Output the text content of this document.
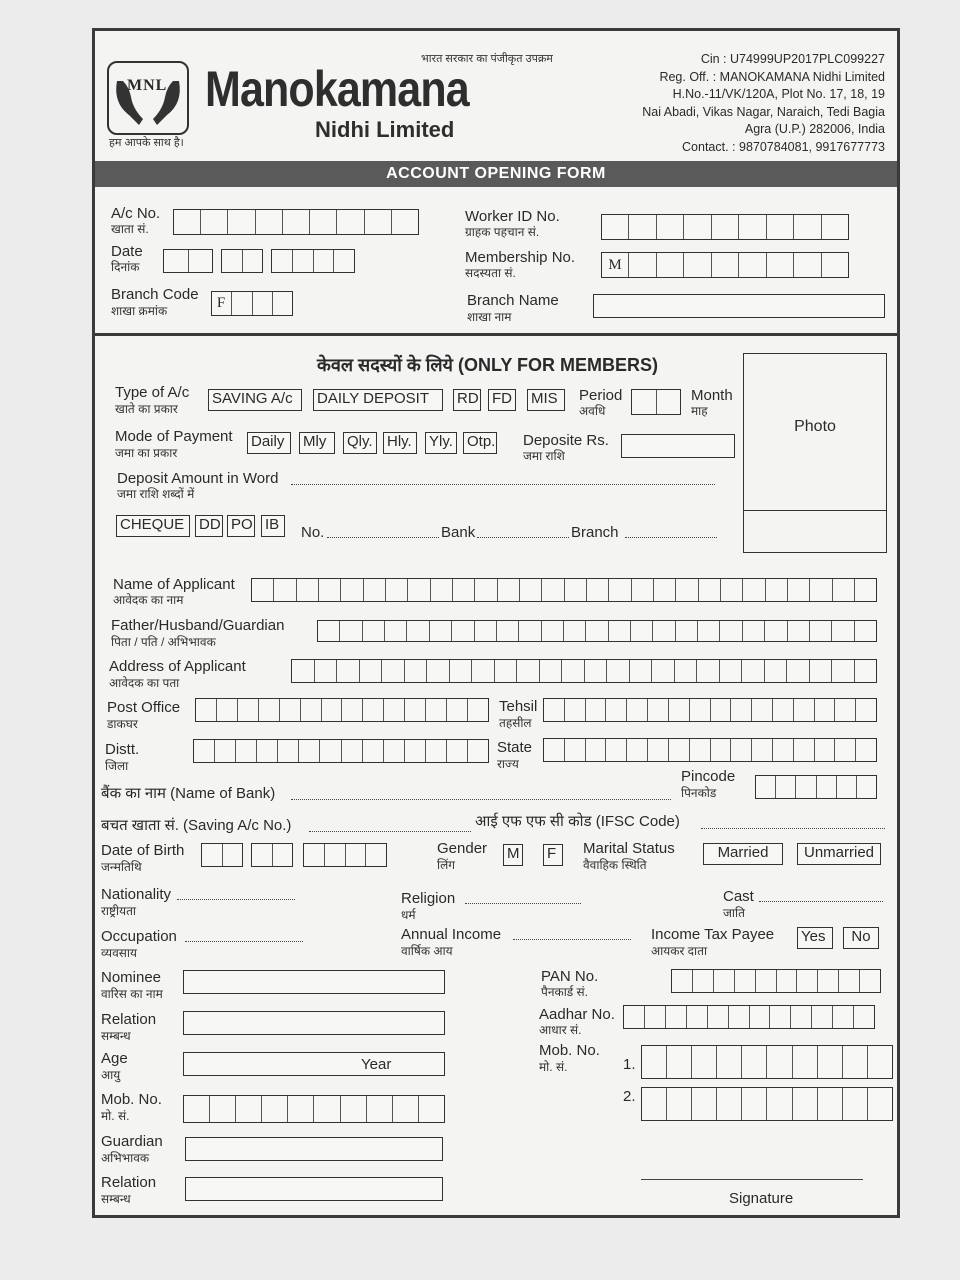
MNL
हम आपके साथ है।
Manokamana
Nidhi Limited
भारत सरकार का पंजीकृत उपक्रम	Cin : U74999UP2017PLC099227
Reg. Off. : MANOKAMANA Nidhi Limited
H.No.-11/VK/120A, Plot No. 17, 18, 19
Nai Abadi, Vikas Nagar, Naraich, Tedi Bagia
Agra (U.P.) 282006, India
Contact. : 9870784081, 9917677773
ACCOUNT OPENING FORM
A/c No.
खाता सं.
Date
दिनांक
Branch Code
शाखा क्रमांक	F
Worker ID No.
ग्राहक पहचान सं.
Membership No.
सदस्यता सं.	M
Branch Name
शाखा नाम
केवल सदस्यों के लिये (ONLY FOR MEMBERS)
Photo
Type of A/c
खाते का प्रकार
SAVING A/c	DAILY DEPOSIT	RD FD MIS	Period
अवधि
Month
माह
Mode of Payment
जमा का प्रकार
Daily	Mly	Qly. Hly.	Yly. Otp. Deposite Rs.
जमा राशि
Deposit Amount in Word
जमा राशि शब्दों में
CHEQUE DD PO IB	No.	Bank	Branch
Name of Applicant
आवेदक का नाम
Father/Husband/Guardian
पिता / पति / अभिभावक
Address of Applicant
आवेदक का पता
Post Office
डाकघर
Tehsil
तहसील
Distt.
जिला
State
राज्य
बैंक का नाम (Name of Bank)
Pincode
पिनकोड
बचत खाता सं. (Saving A/c No.)	आई एफ एफ सी कोड (IFSC Code)
Date of Birth
जन्मतिथि
Gender
लिंग
M F	Marital Status
वैवाहिक स्थिति
Married	Unmarried
Nationality
राष्ट्रीयता
Religion
धर्म
Cast
जाति
Occupation
व्यवसाय
Annual Income
वार्षिक आय
Income Tax Payee
आयकर दाता
Yes	No
Nominee
वारिस का नाम
Relation
सम्बन्ध
Age
आयु
Year
Mob. No.
मो. सं.
Guardian
अभिभावक
Relation
सम्बन्ध
PAN No.
पैनकार्ड सं.
Aadhar No.
आधार सं.
Mob. No.
मो. सं.	1.
2.
Signature
